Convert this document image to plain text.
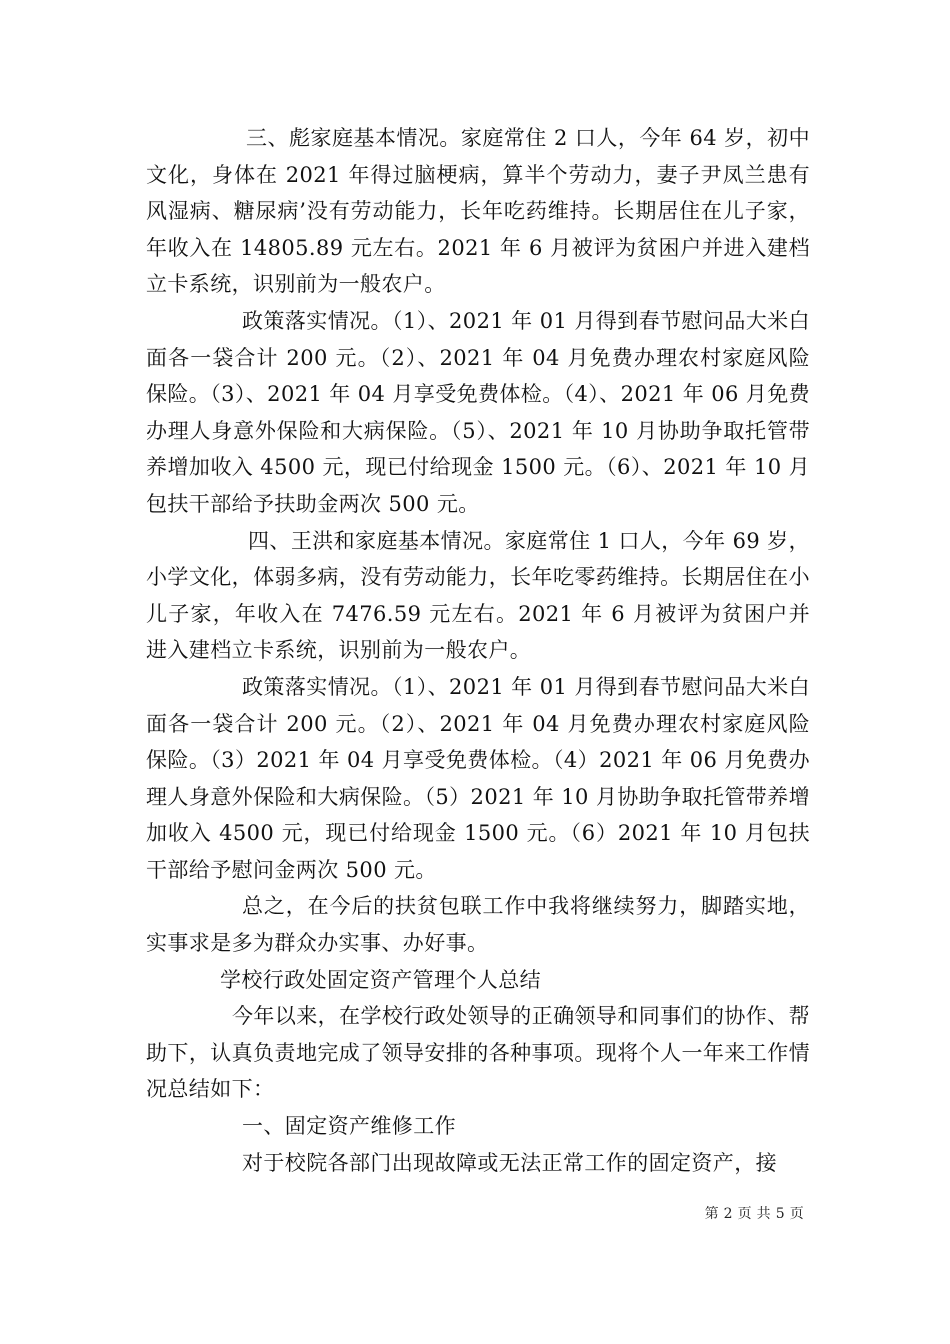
三、彪家庭基本情况。家庭常住 2 口人，今年 64 岁，初中文化，身体在 2021 年得过脑梗病，算半个劳动力，妻子尹凤兰患有风湿病、糖尿病’没有劳动能力，长年吃药维持。长期居住在儿子家，年收入在 14805.89 元左右。2021 年 6 月被评为贫困户并进入建档立卡系统，识别前为一般农户。

政策落实情况。（1）、2021 年 01 月得到春节慰问品大米白面各一袋合计 200 元。（2）、2021 年 04 月免费办理农村家庭风险保险。（3）、2021 年 04 月享受免费体检。（4）、2021 年 06 月免费办理人身意外保险和大病保险。（5）、2021 年 10 月协助争取托管带养增加收入 4500 元，现已付给现金 1500 元。（6）、2021 年 10 月包扶干部给予扶助金两次 500 元。

四、王洪和家庭基本情况。家庭常住 1 口人，今年 69 岁，小学文化，体弱多病，没有劳动能力，长年吃零药维持。长期居住在小儿子家，年收入在 7476.59 元左右。2021 年 6 月被评为贫困户并进入建档立卡系统，识别前为一般农户。

政策落实情况。（1）、2021 年 01 月得到春节慰问品大米白面各一袋合计 200 元。（2）、2021 年 04 月免费办理农村家庭风险保险。（3）2021 年 04 月享受免费体检。（4）2021 年 06 月免费办理人身意外保险和大病保险。（5）2021 年 10 月协助争取托管带养增加收入 4500 元，现已付给现金 1500 元。（6）2021 年 10 月包扶干部给予慰问金两次 500 元。

总之，在今后的扶贫包联工作中我将继续努力，脚踏实地，实事求是多为群众办实事、办好事。

学校行政处固定资产管理个人总结

今年以来，在学校行政处领导的正确领导和同事们的协作、帮助下，认真负责地完成了领导安排的各种事项。现将个人一年来工作情况总结如下：

一、固定资产维修工作

对于校院各部门出现故障或无法正常工作的固定资产，接

第 2 页 共 5 页
